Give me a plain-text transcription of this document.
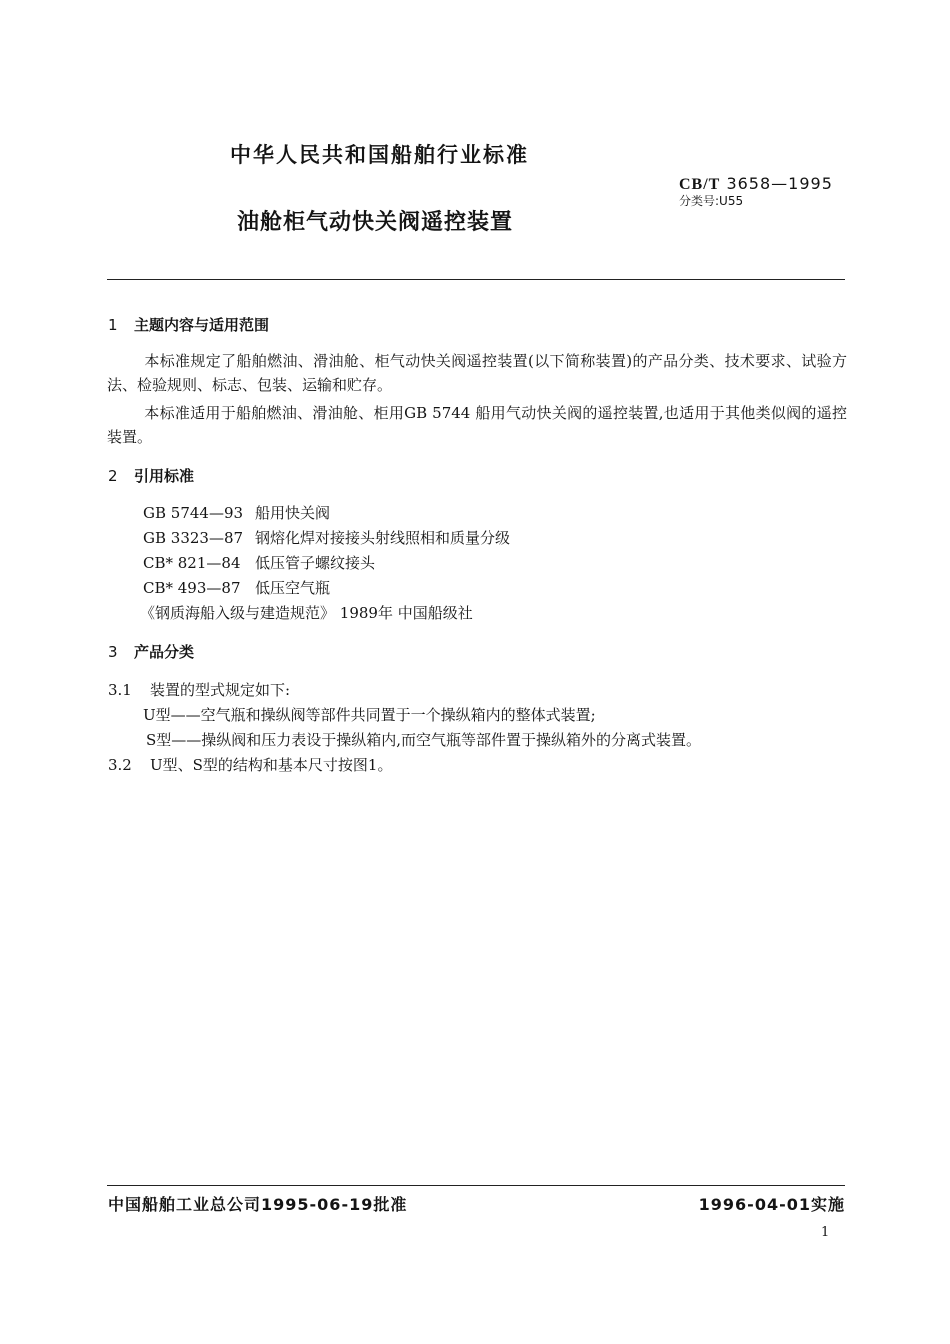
中华人民共和国船舶行业标准
CB/T 3658—1995
分类号:U55
油舱柜气动快关阀遥控装置
1 主题内容与适用范围
本标准规定了船舶燃油、滑油舱、柜气动快关阀遥控装置(以下简称装置)的产品分类、技术要求、试验方法、检验规则、标志、包装、运输和贮存。
本标准适用于船舶燃油、滑油舱、柜用GB 5744 船用气动快关阀的遥控装置,也适用于其他类似阀的遥控装置。
2 引用标准
GB 5744—93 船用快关阀
GB 3323—87 钢熔化焊对接接头射线照相和质量分级
CB* 821—84 低压管子螺纹接头
CB* 493—87 低压空气瓶
《钢质海船入级与建造规范》 1989年 中国船级社
3 产品分类
3.1 装置的型式规定如下:
U型——空气瓶和操纵阀等部件共同置于一个操纵箱内的整体式装置;
S型——操纵阀和压力表设于操纵箱内,而空气瓶等部件置于操纵箱外的分离式装置。
3.2 U型、S型的结构和基本尺寸按图1。
中国船舶工业总公司1995-06-19批准	1996-04-01实施
1
